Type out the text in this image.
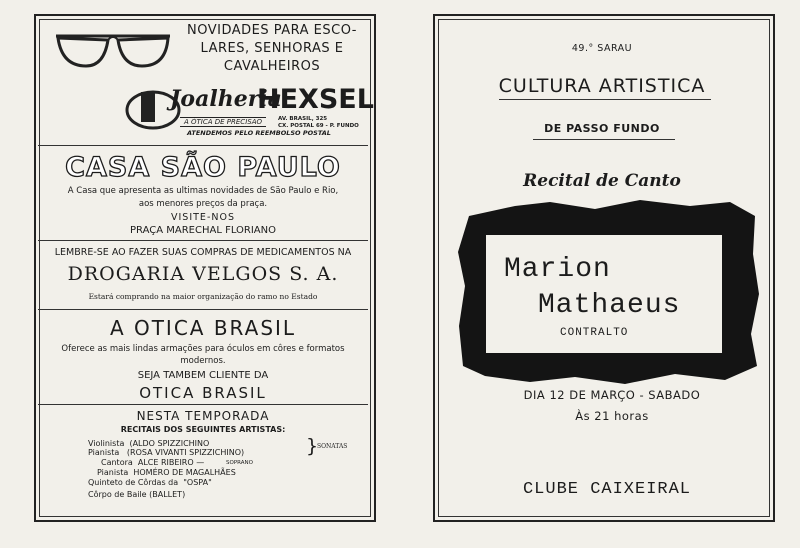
NOVIDADES PARA ESCO-
LARES, SENHORAS E
CAVALHEIROS
Joalheria
HEXSEL
A ÓTICA DE PRECISÃO	AV. BRASIL, 325
CX. POSTAL 69 - P. FUNDO
ATENDEMOS PELO REEMBOLSO POSTAL
CASA SÃO PAULO
A Casa que apresenta as ultimas novidades de São Paulo e Rio,
aos menores preços da praça.
VISITE-NOS
PRAÇA MARECHAL FLORIANO
LEMBRE-SE AO FAZER SUAS COMPRAS DE MEDICAMENTOS NA
DROGARIA VELGOS S. A.
Estará comprando na maior organização do ramo no Estado
A OTICA BRASIL
Oferece as mais lindas armações para óculos em côres e formatos
modernos.
SEJA TAMBEM CLIENTE DA
OTICA BRASIL
NESTA TEMPORADA
RECITAIS DOS SEGUINTES ARTISTAS:
Violinista  (ALDO SPIZZICHINO
Pianista   (ROSA VIVANTI SPIZZICHINO)	}
SONATAS
Cantora  ALCE RIBEIRO —	SOPRANO
Pianista  HOMÉRO DE MAGALHÃES
Quinteto de Côrdas da  "OSPA"
Côrpo de Baile (BALLET)
49.° SARAU
CULTURA ARTISTICA
DE PASSO FUNDO
Recital de Canto
Marion
Mathaeus
CONTRALTO
DIA 12 DE MARÇO - SABADO
Às 21 horas
CLUBE CAIXEIRAL
